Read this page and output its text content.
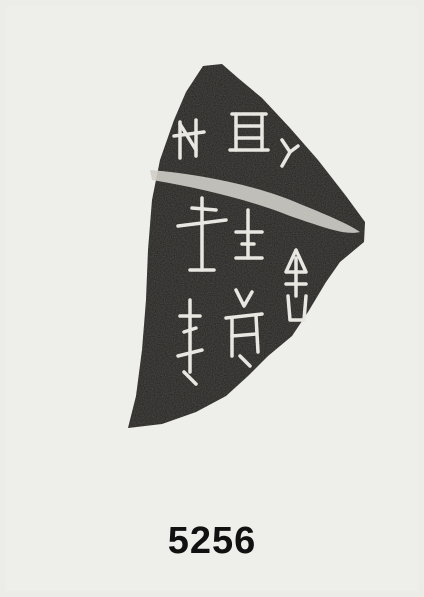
5256
